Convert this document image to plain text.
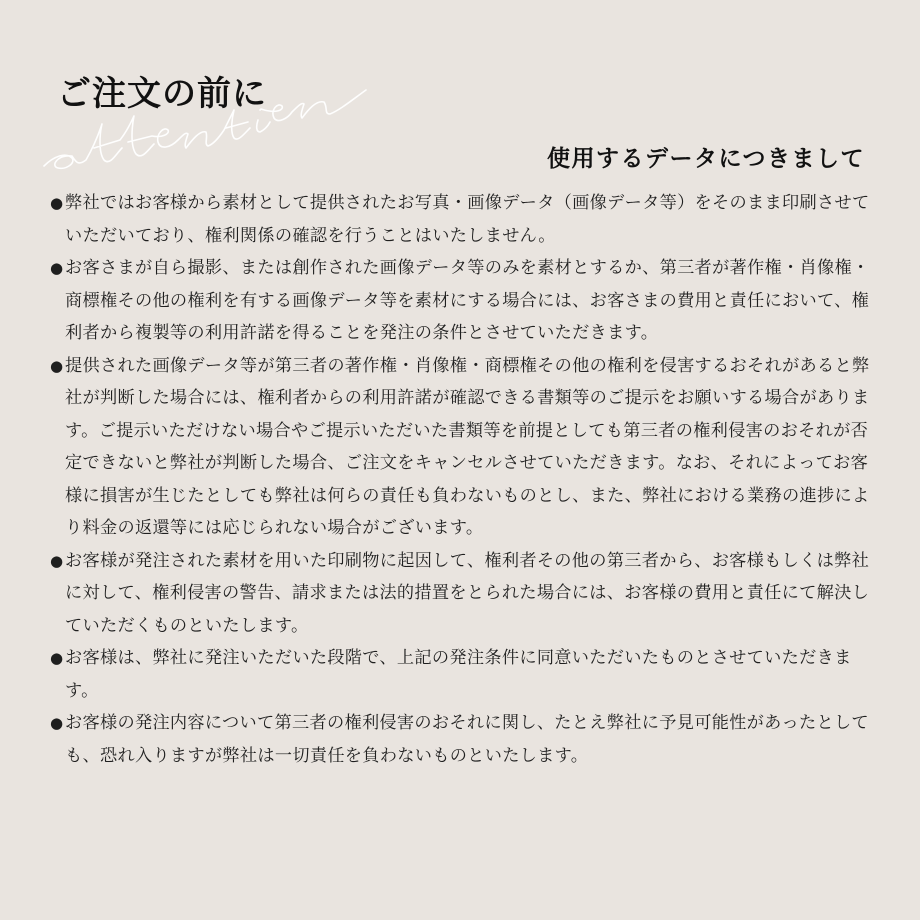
ご注文の前に
使用するデータにつきまして
● 弊社ではお客様から素材として提供されたお写真・画像データ（画像データ等）をそのまま印刷させていただいており、権利関係の確認を行うことはいたしません。
● お客さまが自ら撮影、または創作された画像データ等のみを素材とするか、第三者が著作権・肖像権・商標権その他の権利を有する画像データ等を素材にする場合には、お客さまの費用と責任において、権利者から複製等の利用許諾を得ることを発注の条件とさせていただきます。
● 提供された画像データ等が第三者の著作権・肖像権・商標権その他の権利を侵害するおそれがあると弊社が判断した場合には、権利者からの利用許諾が確認できる書類等のご提示をお願いする場合があります。ご提示いただけない場合やご提示いただいた書類等を前提としても第三者の権利侵害のおそれが否定できないと弊社が判断した場合、ご注文をキャンセルさせていただきます。なお、それによってお客様に損害が生じたとしても弊社は何らの責任も負わないものとし、また、弊社における業務の進捗により料金の返還等には応じられない場合がございます。
● お客様が発注された素材を用いた印刷物に起因して、権利者その他の第三者から、お客様もしくは弊社に対して、権利侵害の警告、請求または法的措置をとられた場合には、お客様の費用と責任にて解決していただくものといたします。
● お客様は、弊社に発注いただいた段階で、上記の発注条件に同意いただいたものとさせていただきます。
● お客様の発注内容について第三者の権利侵害のおそれに関し、たとえ弊社に予見可能性があったとしても、恐れ入りますが弊社は一切責任を負わないものといたします。
